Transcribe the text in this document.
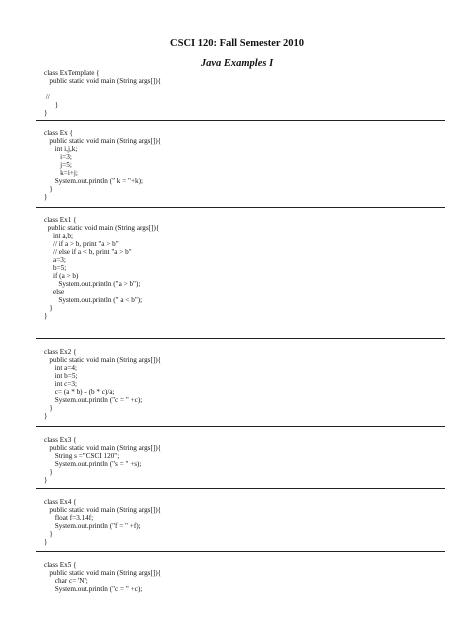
CSCI 120: Fall Semester 2010
Java Examples I
class ExTemplate {
public static void main (String args[]){
//
}
}
class Ex {
public static void main (String args[]){
int i,j,k;
i=3;
j=5;
k=i+j;
System.out.println (" k = "+k);
}
}
class Ex1 {
public static void main (String args[]){
int a,b;
// if a > b, print "a > b"
// else if a < b, print "a > b"
a=3;
b=5;
if (a > b)
System.out.println ("a > b");
else
System.out.println (" a < b");
}
}
class Ex2 {
public static void main (String args[]){
int a=4;
int b=5;
int c=3;
c= (a * b) - (b * c)/a;
System.out.println ("c = " +c);
}
}
class Ex3 {
public static void main (String args[]){
String s ="CSCI 120";
System.out.println ("s = " +s);
}
}
class Ex4 {
public static void main (String args[]){
float f=3.14f;
System.out.println ("f = " +f);
}
}
class Ex5 {
public static void main (String args[]){
char c= 'N';
System.out.println ("c = " +c);
